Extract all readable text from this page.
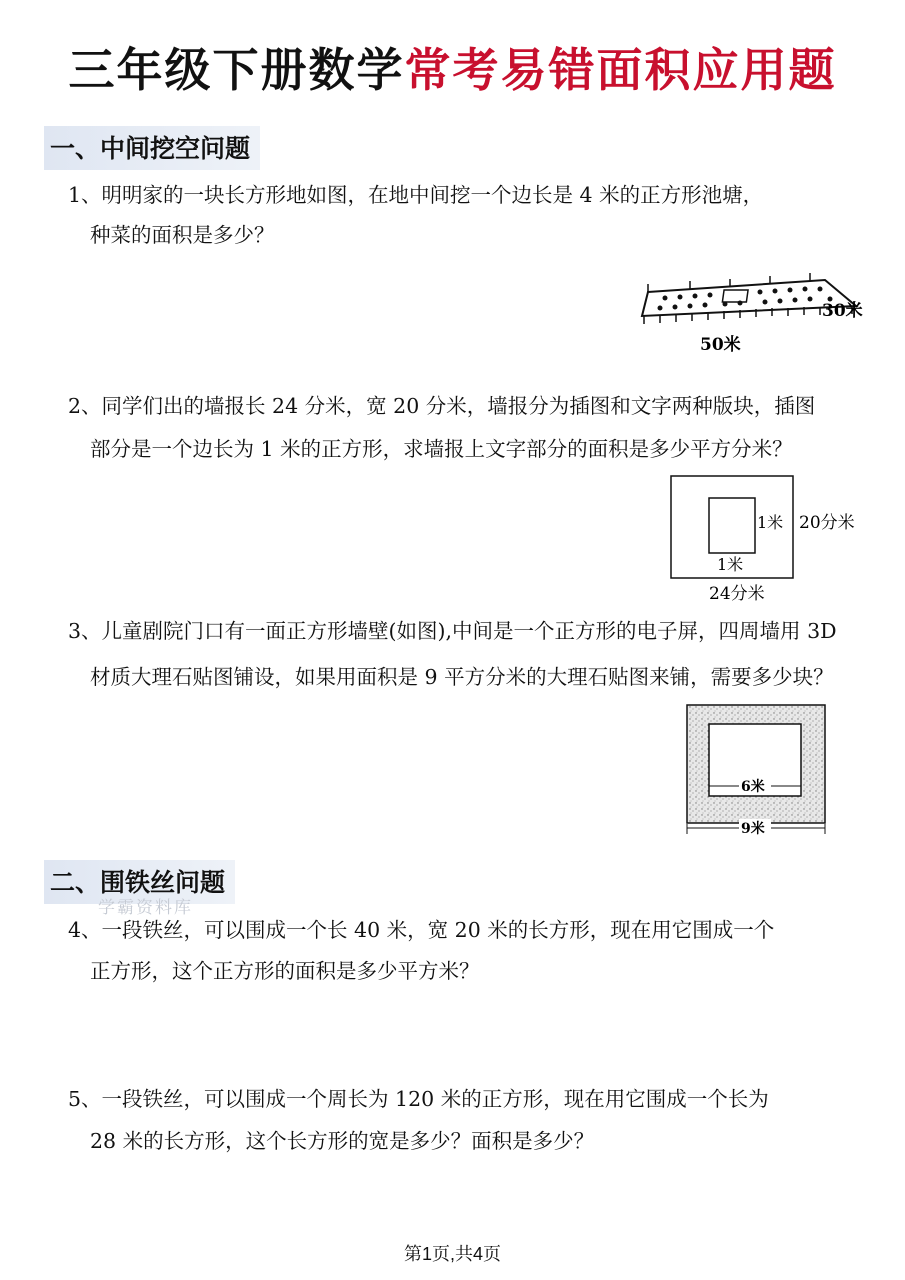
三年级下册数学常考易错面积应用题
一、中间挖空问题
1、明明家的一块长方形地如图，在地中间挖一个边长是 4 米的正方形池塘，
种菜的面积是多少？
30米
50米
2、同学们出的墙报长 24 分米，宽 20 分米，墙报分为插图和文字两种版块，插图
部分是一个边长为 1 米的正方形，求墙报上文字部分的面积是多少平方分米？
1米
1米
20分米
24分米
3、儿童剧院门口有一面正方形墙壁(如图),中间是一个正方形的电子屏，四周墙用 3D
材质大理石贴图铺设，如果用面积是 9 平方分米的大理石贴图来铺，需要多少块？
6米
9米
二、围铁丝问题
学霸资料库
4、一段铁丝，可以围成一个长 40 米，宽 20 米的长方形，现在用它围成一个
正方形，这个正方形的面积是多少平方米？
5、一段铁丝，可以围成一个周长为 120 米的正方形，现在用它围成一个长为
28 米的长方形，这个长方形的宽是多少？面积是多少？
第1页,共4页
